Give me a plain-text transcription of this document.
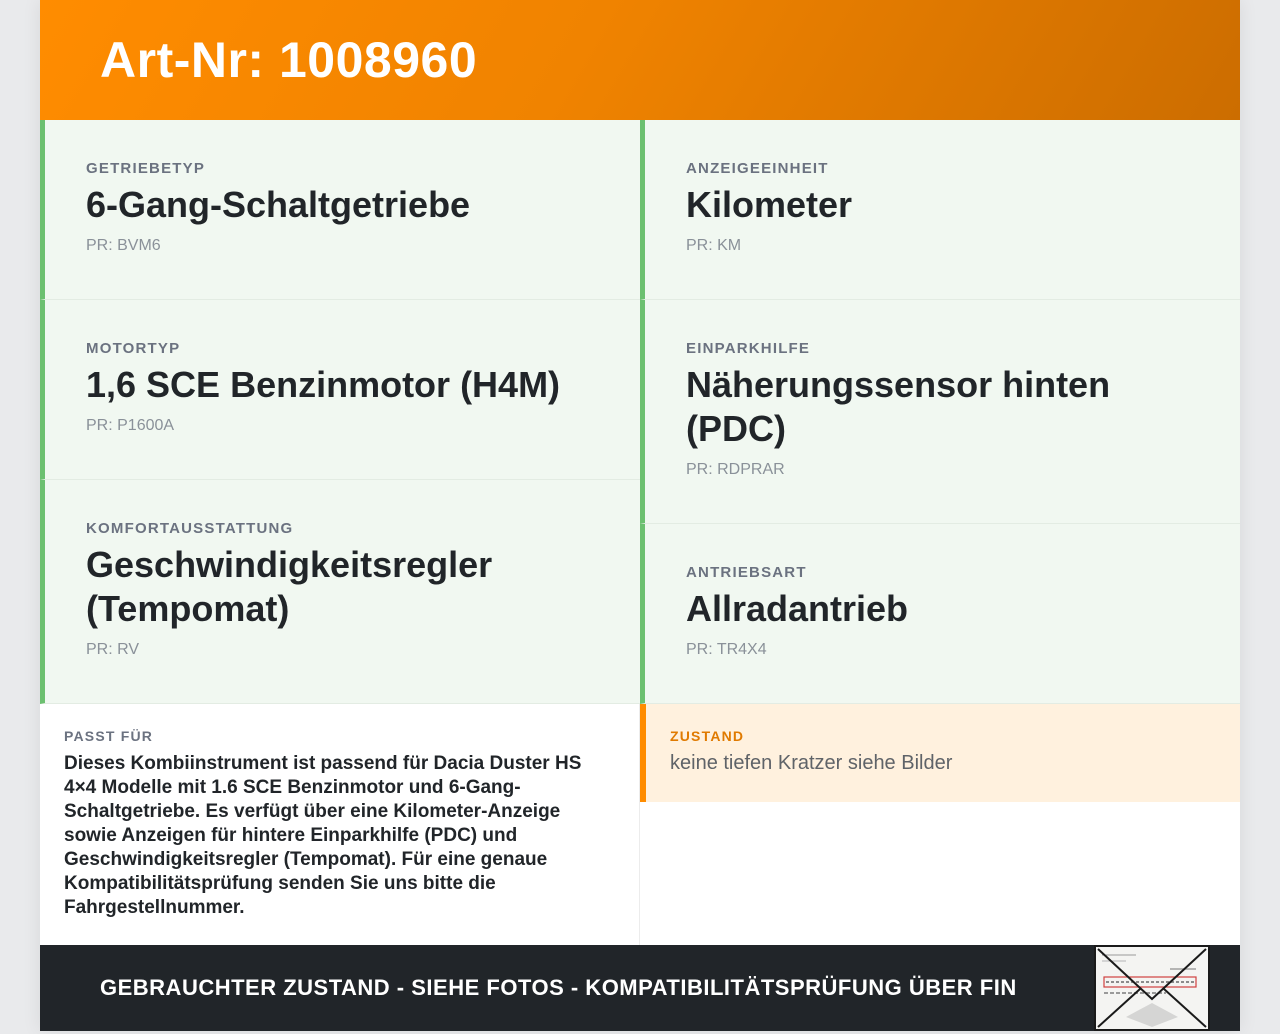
Art-Nr: 1008960
GETRIEBETYP
6-Gang-Schaltgetriebe
PR: BVM6
MOTORTYP
1,6 SCE Benzinmotor (H4M)
PR: P1600A
KOMFORTAUSSTATTUNG
Geschwindigkeitsregler (Tempomat)
PR: RV
ANZEIGEEINHEIT
Kilometer
PR: KM
EINPARKHILFE
Näherungssensor hinten (PDC)
PR: RDPRAR
ANTRIEBSART
Allradantrieb
PR: TR4X4
PASST FÜR
Dieses Kombiinstrument ist passend für Dacia Duster HS 4×4 Modelle mit 1.6 SCE Benzinmotor und 6-Gang-Schaltgetriebe. Es verfügt über eine Kilometer-Anzeige sowie Anzeigen für hintere Einparkhilfe (PDC) und Geschwindigkeitsregler (Tempomat). Für eine genaue Kompatibilitätsprüfung senden Sie uns bitte die Fahrgestellnummer.
ZUSTAND
keine tiefen Kratzer siehe Bilder
GEBRAUCHTER ZUSTAND - SIEHE FOTOS - KOMPATIBILITÄTSPRÜFUNG ÜBER FIN
